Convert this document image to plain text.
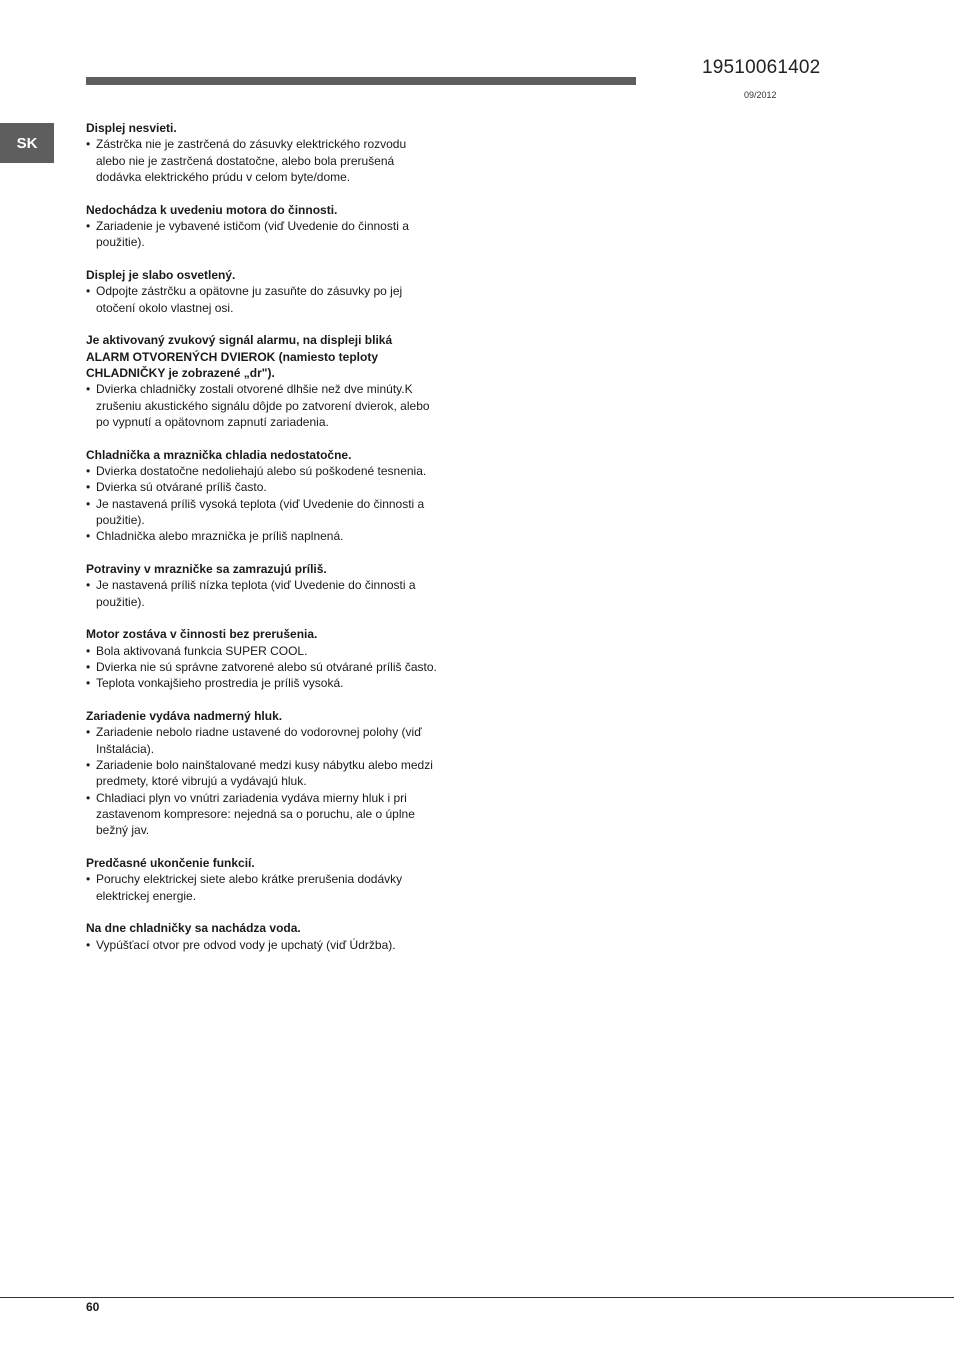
19510061402
09/2012
SK

Displej nesvieti.

• Zástrčka nie je zastrčená do zásuvky elektrického rozvodu
alebo nie je zastrčená dostatočne, alebo bola prerušená
dodávka elektrického prúdu v celom byte/dome.

Nedochádza k uvedeniu motora do činnosti.

• Zariadenie je vybavené ističom (viď Uvedenie do činnosti a
použitie).

Displej je slabo osvetlený.

• Odpojte zástrčku a opätovne ju zasuňte do zásuvky po jej
otočení okolo vlastnej osi.

Je aktivovaný zvukový signál alarmu, na displeji bliká
ALARM OTVORENÝCH DVIEROK (namiesto teploty
CHLADNIČKY je zobrazené „dr").

• Dvierka chladničky zostali otvorené dlhšie než dve minúty.K
zrušeniu akustického signálu dôjde po zatvorení dvierok, alebo
po vypnutí a opätovnom zapnutí zariadenia.

Chladnička a mraznička chladia nedostatočne.

• Dvierka dostatočne nedoliehajú alebo sú poškodené tesnenia.
• Dvierka sú otvárané príliš často.
• Je nastavená príliš vysoká teplota (viď Uvedenie do činnosti a
použitie).
• Chladnička alebo mraznička je príliš naplnená.

Potraviny v mrazničke sa zamrazujú príliš.

• Je nastavená príliš nízka teplota (viď Uvedenie do činnosti a
použitie).

Motor zostáva v činnosti bez prerušenia.

• Bola aktivovaná funkcia SUPER COOL.
• Dvierka nie sú správne zatvorené alebo sú otvárané príliš často.
• Teplota vonkajšieho prostredia je príliš vysoká.

Zariadenie vydáva nadmerný hluk.

• Zariadenie nebolo riadne ustavené do vodorovnej polohy (viď
Inštalácia).
• Zariadenie bolo nainštalované medzi kusy nábytku alebo medzi
predmety, ktoré vibrujú a vydávajú hluk.
• Chladiaci plyn vo vnútri zariadenia vydáva mierny hluk i pri
zastavenom kompresore: nejedná sa o poruchu, ale o úplne
bežný jav.

Predčasné ukončenie funkcií.

• Poruchy elektrickej siete alebo krátke prerušenia dodávky
elektrickej energie.

Na dne chladničky sa nachádza voda.

• Vypúšťací otvor pre odvod vody je upchatý (viď Údržba).
60
